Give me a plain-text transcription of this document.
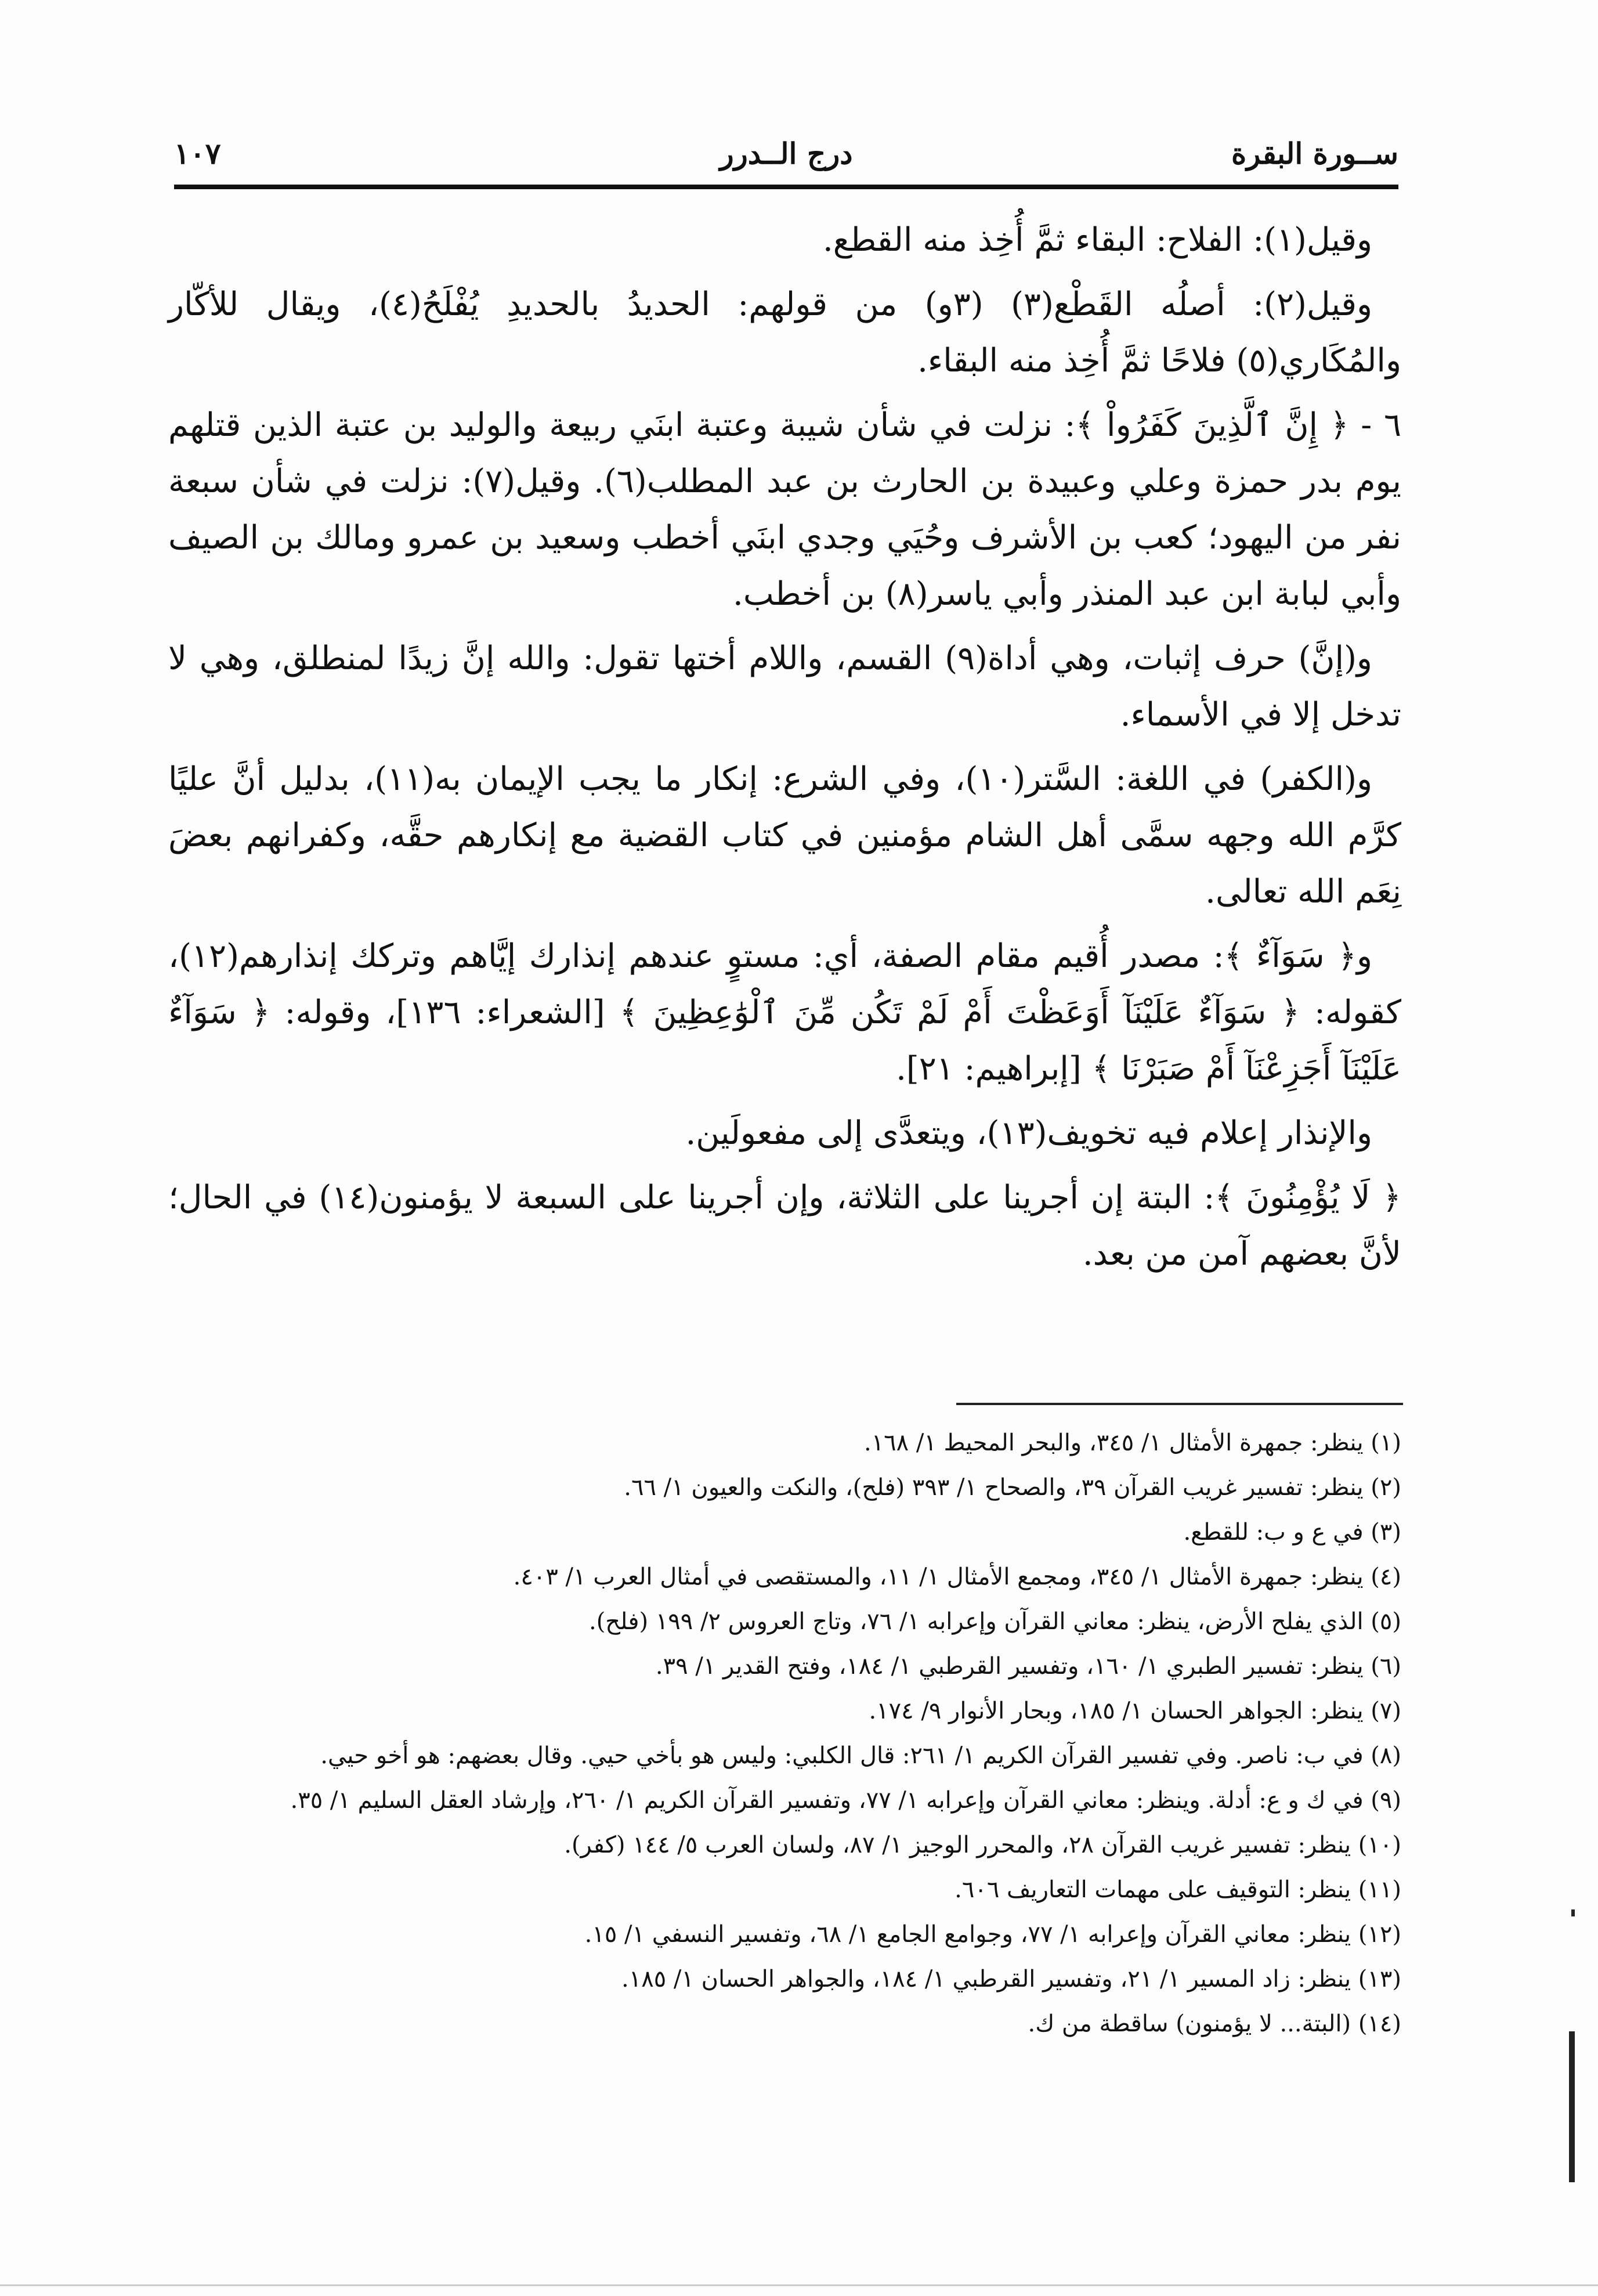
ســورة البقرة
درج الــدرر
١٠٧

وقيل(١): الفلاح: البقاء ثمَّ أُخِذ منه القطع.

وقيل(٢): أصلُه القَطْع(٣) (٣و) من قولهم: الحديدُ بالحديدِ يُفْلَحُ(٤)، ويقال للأكّار والمُكَاري(٥) فلاحًا ثمَّ أُخِذ منه البقاء.

٦ - ﴿ إِنَّ ٱلَّذِينَ كَفَرُواْ ﴾: نزلت في شأن شيبة وعتبة ابنَي ربيعة والوليد بن عتبة الذين قتلهم يوم بدر حمزة وعلي وعبيدة بن الحارث بن عبد المطلب(٦). وقيل(٧): نزلت في شأن سبعة نفر من اليهود؛ كعب بن الأشرف وحُيَي وجدي ابنَي أخطب وسعيد بن عمرو ومالك بن الصيف وأبي لبابة ابن عبد المنذر وأبي ياسر(٨) بن أخطب.

و(إنَّ) حرف إثبات، وهي أداة(٩) القسم، واللام أختها تقول: والله إنَّ زيدًا لمنطلق، وهي لا تدخل إلا في الأسماء.

و(الكفر) في اللغة: السَّتر(١٠)، وفي الشرع: إنكار ما يجب الإيمان به(١١)، بدليل أنَّ عليًا كرَّم الله وجهه سمَّى أهل الشام مؤمنين في كتاب القضية مع إنكارهم حقَّه، وكفرانهم بعضَ نِعَم الله تعالى.

و﴿ سَوَآءٌ ﴾: مصدر أُقيم مقام الصفة، أي: مستوٍ عندهم إنذارك إيَّاهم وتركك إنذارهم(١٢)، كقوله: ﴿ سَوَآءٌ عَلَيْنَآ أَوَعَظْتَ أَمْ لَمْ تَكُن مِّنَ ٱلْوَٰعِظِينَ ﴾ [الشعراء: ١٣٦]، وقوله: ﴿ سَوَآءٌ عَلَيْنَآ أَجَزِعْنَآ أَمْ صَبَرْنَا ﴾ [إبراهيم: ٢١].

والإنذار إعلام فيه تخويف(١٣)، ويتعدَّى إلى مفعولَين.

﴿ لَا يُؤْمِنُونَ ﴾: البتة إن أجرينا على الثلاثة، وإن أجرينا على السبعة لا يؤمنون(١٤) في الحال؛ لأنَّ بعضهم آمن من بعد.

(١) ينظر: جمهرة الأمثال ١/ ٣٤٥، والبحر المحيط ١/ ١٦٨.
(٢) ينظر: تفسير غريب القرآن ٣٩، والصحاح ١/ ٣٩٣ (فلح)، والنكت والعيون ١/ ٦٦.
(٣) في ع و ب: للقطع.
(٤) ينظر: جمهرة الأمثال ١/ ٣٤٥، ومجمع الأمثال ١/ ١١، والمستقصى في أمثال العرب ١/ ٤٠٣.
(٥) الذي يفلح الأرض، ينظر: معاني القرآن وإعرابه ١/ ٧٦، وتاج العروس ٢/ ١٩٩ (فلح).
(٦) ينظر: تفسير الطبري ١/ ١٦٠، وتفسير القرطبي ١/ ١٨٤، وفتح القدير ١/ ٣٩.
(٧) ينظر: الجواهر الحسان ١/ ١٨٥، وبحار الأنوار ٩/ ١٧٤.
(٨) في ب: ناصر. وفي تفسير القرآن الكريم ١/ ٢٦١: قال الكلبي: وليس هو بأخي حيي. وقال بعضهم: هو أخو حيي.
(٩) في ك و ع: أدلة. وينظر: معاني القرآن وإعرابه ١/ ٧٧، وتفسير القرآن الكريم ١/ ٢٦٠، وإرشاد العقل السليم ١/ ٣٥.
(١٠) ينظر: تفسير غريب القرآن ٢٨، والمحرر الوجيز ١/ ٨٧، ولسان العرب ٥/ ١٤٤ (كفر).
(١١) ينظر: التوقيف على مهمات التعاريف ٦٠٦.
(١٢) ينظر: معاني القرآن وإعرابه ١/ ٧٧، وجوامع الجامع ١/ ٦٨، وتفسير النسفي ١/ ١٥.
(١٣) ينظر: زاد المسير ١/ ٢١، وتفسير القرطبي ١/ ١٨٤، والجواهر الحسان ١/ ١٨٥.
(١٤) (البتة... لا يؤمنون) ساقطة من ك.
